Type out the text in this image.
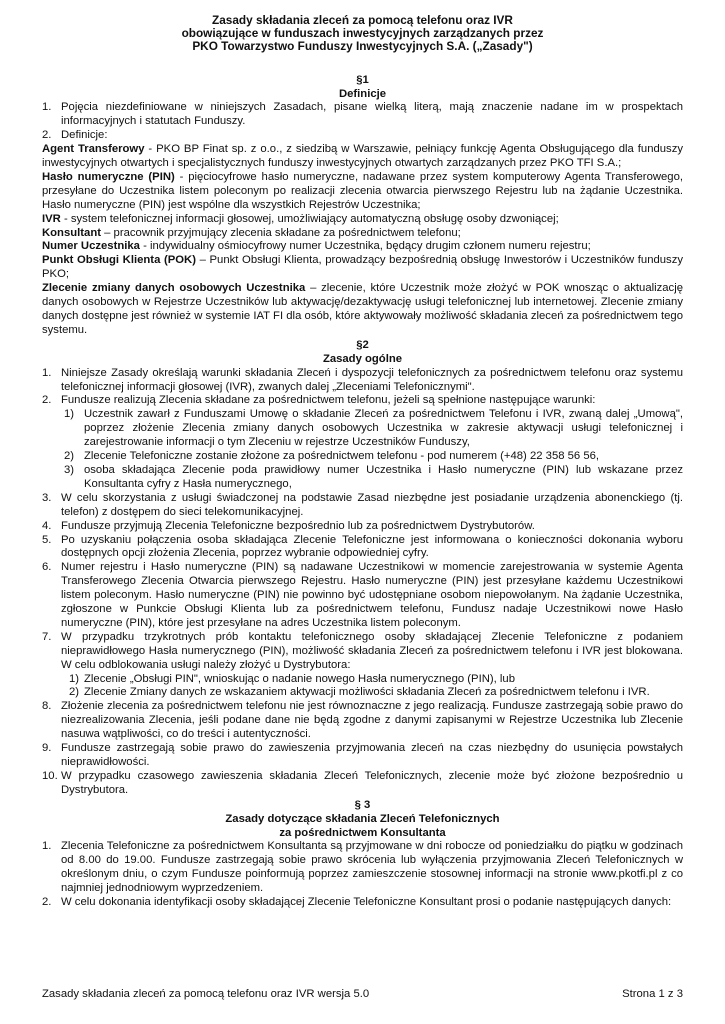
Zasady składania zleceń za pomocą telefonu oraz IVR
obowiązujące w funduszach inwestycyjnych zarządzanych przez
PKO Towarzystwo Funduszy Inwestycyjnych S.A. („Zasady")
§1
Definicje
1. Pojęcia niezdefiniowane w niniejszych Zasadach, pisane wielką literą, mają znaczenie nadane im w prospektach informacyjnych i statutach Funduszy.
2. Definicje:

Agent Transferowy - PKO BP Finat sp. z o.o., z siedzibą w Warszawie, pełniący funkcję Agenta Obsługującego dla funduszy inwestycyjnych otwartych i specjalistycznych funduszy inwestycyjnych otwartych zarządzanych przez PKO TFI S.A.;

Hasło numeryczne (PIN) - pięciocyfrowe hasło numeryczne, nadawane przez system komputerowy Agenta Transferowego, przesyłane do Uczestnika listem poleconym po realizacji zlecenia otwarcia pierwszego Rejestru lub na żądanie Uczestnika. Hasło numeryczne (PIN) jest wspólne dla wszystkich Rejestrów Uczestnika;

IVR - system telefonicznej informacji głosowej, umożliwiający automatyczną obsługę osoby dzwoniącej;

Konsultant – pracownik przyjmujący zlecenia składane za pośrednictwem telefonu;

Numer Uczestnika - indywidualny ośmiocyfrowy numer Uczestnika, będący drugim członem numeru rejestru;

Punkt Obsługi Klienta (POK) – Punkt Obsługi Klienta, prowadzący bezpośrednią obsługę Inwestorów i Uczestników funduszy PKO;

Zlecenie zmiany danych osobowych Uczestnika – zlecenie, które Uczestnik może złożyć w POK wnosząc o aktualizację danych osobowych w Rejestrze Uczestników lub aktywację/dezaktywację usługi telefonicznej lub internetowej. Zlecenie zmiany danych dostępne jest również w systemie IAT FI dla osób, które aktywowały możliwość składania zleceń za pośrednictwem tego systemu.

§2
Zasady ogólne
1. Niniejsze Zasady określają warunki składania Zleceń i dyspozycji telefonicznych za pośrednictwem telefonu oraz systemu telefonicznej informacji głosowej (IVR), zwanych dalej „Zleceniami Telefonicznymi".
2. Fundusze realizują Zlecenia składane za pośrednictwem telefonu, jeżeli są spełnione następujące warunki:
1) Uczestnik zawarł z Funduszami Umowę o składanie Zleceń za pośrednictwem Telefonu i IVR, zwaną dalej „Umową", poprzez złożenie Zlecenia zmiany danych osobowych Uczestnika w zakresie aktywacji usługi telefonicznej i zarejestrowanie informacji o tym Zleceniu w rejestrze Uczestników Funduszy,
2) Zlecenie Telefoniczne zostanie złożone za pośrednictwem telefonu - pod numerem (+48) 22 358 56 56,
3) osoba składająca Zlecenie poda prawidłowy numer Uczestnika i Hasło numeryczne (PIN) lub wskazane przez Konsultanta cyfry z Hasła numerycznego,
3. W celu skorzystania z usługi świadczonej na podstawie Zasad niezbędne jest posiadanie urządzenia abonenckiego (tj. telefon) z dostępem do sieci telekomunikacyjnej.
4. Fundusze przyjmują Zlecenia Telefoniczne bezpośrednio lub za pośrednictwem Dystrybutorów.
5. Po uzyskaniu połączenia osoba składająca Zlecenie Telefoniczne jest informowana o konieczności dokonania wyboru dostępnych opcji złożenia Zlecenia, poprzez wybranie odpowiedniej cyfry.
6. Numer rejestru i Hasło numeryczne (PIN) są nadawane Uczestnikowi w momencie zarejestrowania w systemie Agenta Transferowego Zlecenia Otwarcia pierwszego Rejestru. Hasło numeryczne (PIN) jest przesyłane każdemu Uczestnikowi listem poleconym. Hasło numeryczne (PIN) nie powinno być udostępniane osobom niepowołanym. Na żądanie Uczestnika, zgłoszone w Punkcie Obsługi Klienta lub za pośrednictwem telefonu, Fundusz nadaje Uczestnikowi nowe Hasło numeryczne (PIN), które jest przesyłane na adres Uczestnika listem poleconym.
7. W przypadku trzykrotnych prób kontaktu telefonicznego osoby składającej Zlecenie Telefoniczne z podaniem nieprawidłowego Hasła numerycznego (PIN), możliwość składania Zleceń za pośrednictwem telefonu i IVR jest blokowana. W celu odblokowania usługi należy złożyć u Dystrybutora:
1) Zlecenie „Obsługi PIN", wnioskując o nadanie nowego Hasła numerycznego (PIN), lub
2) Zlecenie Zmiany danych ze wskazaniem aktywacji możliwości składania Zleceń za pośrednictwem telefonu i IVR.
8. Złożenie zlecenia za pośrednictwem telefonu nie jest równoznaczne z jego realizacją. Fundusze zastrzegają sobie prawo do niezrealizowania Zlecenia, jeśli podane dane nie będą zgodne z danymi zapisanymi w Rejestrze Uczestnika lub Zlecenie nasuwa wątpliwości, co do treści i autentyczności.
9. Fundusze zastrzegają sobie prawo do zawieszenia przyjmowania zleceń na czas niezbędny do usunięcia powstałych nieprawidłowości.
10. W przypadku czasowego zawieszenia składania Zleceń Telefonicznych, zlecenie może być złożone bezpośrednio u Dystrybutora.
§ 3
Zasady dotyczące składania Zleceń Telefonicznych
za pośrednictwem Konsultanta
1. Zlecenia Telefoniczne za pośrednictwem Konsultanta są przyjmowane w dni robocze od poniedziałku do piątku w godzinach od 8.00 do 19.00. Fundusze zastrzegają sobie prawo skrócenia lub wyłączenia przyjmowania Zleceń Telefonicznych w określonym dniu, o czym Fundusze poinformują poprzez zamieszczenie stosownej informacji na stronie www.pkotfi.pl z co najmniej jednodniowym wyprzedzeniem.
2. W celu dokonania identyfikacji osoby składającej Zlecenie Telefoniczne Konsultant prosi o podanie następujących danych:
Zasady składania zleceń za pomocą telefonu oraz IVR wersja 5.0	Strona 1 z 3
